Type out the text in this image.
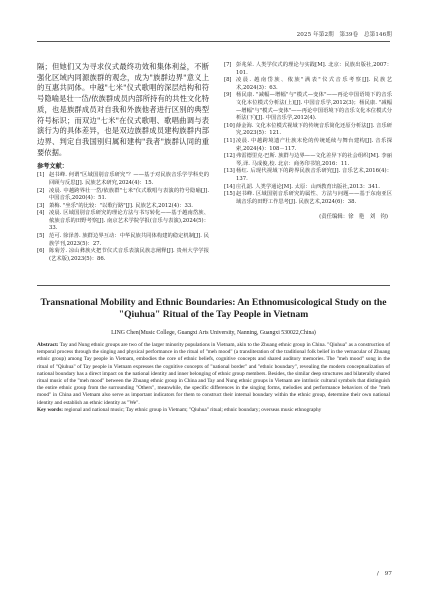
2025 年第2期　第39卷　总第146期

隔；但她们又为寻求仪式最终功效和集体利益，不断强化区域内同源族群的观念，成为"族群边界"意义上的互惠共同体。中越"七米"仪式歌唱的深层结构和符号隐喻是壮一岱/依族群成员内部所持有的共性文化特质，也是族群成员对自我和外族他者进行区别的典型符号标识；而双边"七米"在仪式歌唱、歌唱曲调与表演行为的具体差异，也是双边族群成员建构族群内部边界、判定自我国别归属和建构"我者"族群认同的重要依据。

参考文献：
[1] 赵书峰. 何谓"区域国别音乐研究"？——基于对民族音乐学学科史的回顾与反思[J]. 民族艺术研究,2024(4)：15.
[2] 凌晨. 中越跨界壮一岱/依族群"七米"仪式歌唱与表演的符号隐喻[J]. 中国音乐,2020(4)：51.
[3] 萧梅. "坐乐"的比较："以歌行路"[J]. 民族艺术,2012(4)：33.
[4] 凌晨. 区域国别音乐研究的理论方法与书写转化——基于越南岱族、侬族音乐的田野考察[J]. 南京艺术学院学报(音乐与表演),2024(5)：33.
[5] 范可. 徐泽善. 族群边界互动：中华民族共同体构建的稳定机制[J]. 民族学刊,2023(5)：27.
[6] 陈菊芳. 凉山彝族火把节仪式音乐表演民族志阐释[J]. 贵州大学学报(艺术版),2023(5)：86.
[7] 彭兆荣. 人类学仪式的理论与实践[M]. 北京：民族出版社,2007：101.
[8] 凌晨. 越南岱族、侬族"满表"仪式音乐考察[J]. 民族艺术,2024(3)：63.
[9] 杨民康. "减幅—增幅"与"模式—变体"——再论中国语境下的音乐文化本位模式分析法(上)[J]. 中国音乐学,2012(3)；杨民康. "减幅—增幅"与"模式—变体"——再论中国语境下的音乐文化本位模式分析法(下)[J]. 中国音乐学,2012(4).
[10] 薛金海. 文化本位模式视域下的传统音乐简化还原分析法[J]. 音乐研究,2023(5)：121.
[11] 凌晨. 中越跨境遗产壮族末伦的传统延续与舞台建构[J]. 音乐探索,2024(4)：108－117.
[12] 弗雷德里克·巴斯. 族群与边界——文化差异下的社会组织[M]. 李丽琴,译. 马成俊,校. 北京：商务印书馆,2016：11.
[13] 杨红. 后现代视域下的跨界民族音乐研究[J]. 音乐艺术,2016(4)：137.
[14] 庄孔韶. 人类学通论[M]. 太原：山西教育出版社,2013：341.
[15] 赵书峰. 区域国别音乐研究的属性、方法与问题——基于东南亚区域音乐的田野工作思考[J]. 民族艺术,2024(6)：38.
(责任编辑：徐　艳　刘　钧)

Transnational Mobility and Ethnic Boundaries: An Ethnomusicological Study on the "Qiuhua" Ritual of the Tay People in Vietnam

LING Chen(Music College, Guangxi Arts University, Nanning, Guangxi 530022,China)

Abstract: Tay and Nung ethnic groups are two of the larger minority populations in Vietnam, akin to the Zhuang ethnic group in China. "Qiuhua" as a construction of temporal process through the singing and physical performance in the ritual of "meh mood" (a transliteration of the traditional folk belief in the vernacular of Zhuang ethnic group) among Tay people in Vietnam, embodies the core of ethnic beliefs, cognitive concepts and shared auditory memories. The "meh mood" song in the ritual of "Qiuhua" of Tay people in Vietnam expresses the cognitive concepts of "national border" and "ethnic boundary", revealing the modern conceptualization of national boundary has a direct impact on the national identity and inner belonging of ethnic group members. Besides, the similar deep structures and bilaterally shared ritual music of the "meh mood" between the Zhuang ethnic group in China and Tay and Nung ethnic groups in Vietnam are intrinsic cultural symbols that distinguish the entire ethnic group from the surrounding "Others", meanwhile, the specific differences in the singing forms, melodies and performance behaviors of the "meh mood" in China and Vietnam also serve as important indicators for them to construct their internal boundary within the ethnic group, determine their own national identity and establish an ethnic identity as "We".

Key words: regional and national music; Tay ethnic group in Vietnam; "Qiuhua" ritual; ethnic boundary; overseas music ethnography

/　97
